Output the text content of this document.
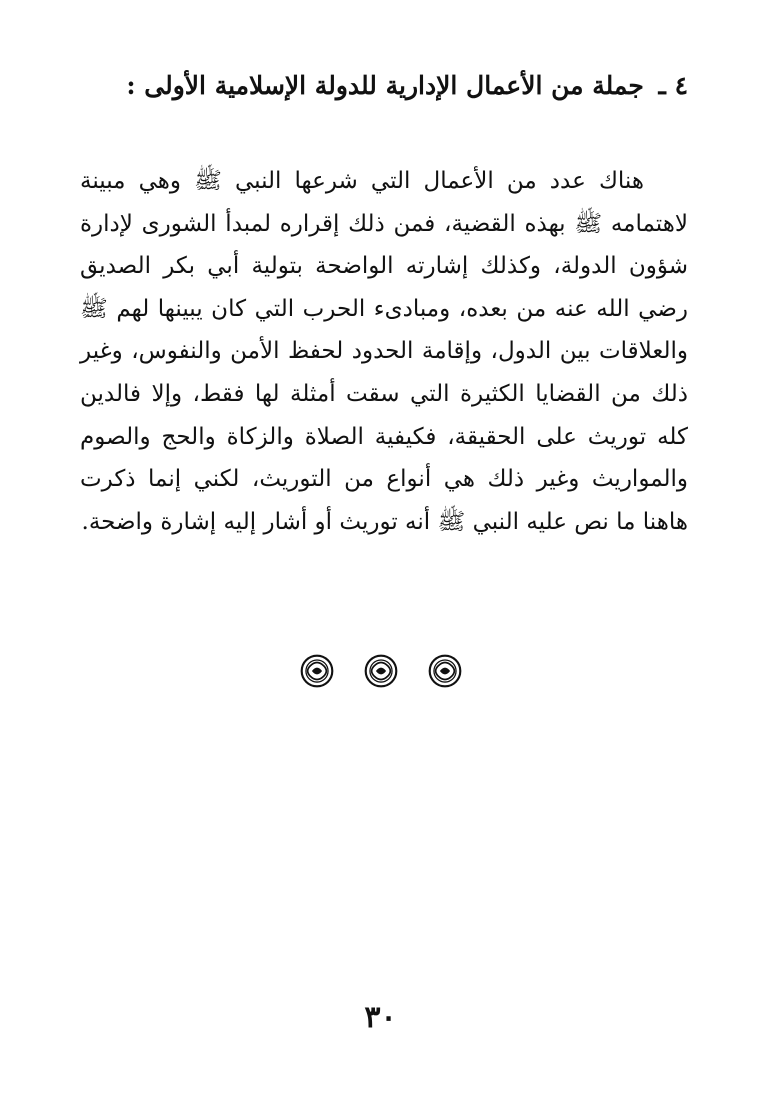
٤ ـ جملة من الأعمال الإدارية للدولة الإسلامية الأولى :

هناك عدد من الأعمال التي شرعها النبي ﷺ وهي مبينة لاهتمامه ﷺ بهذه القضية، فمن ذلك إقراره لمبدأ الشورى لإدارة شؤون الدولة، وكذلك إشارته الواضحة بتولية أبي بكر الصديق رضي الله عنه من بعده، ومبادىء الحرب التي كان يبينها لهم ﷺ والعلاقات بين الدول، وإقامة الحدود لحفظ الأمن والنفوس، وغير ذلك من القضايا الكثيرة التي سقت أمثلة لها فقط، وإلا فالدين كله توريث على الحقيقة، فكيفية الصلاة والزكاة والحج والصوم والمواريث وغير ذلك هي أنواع من التوريث، لكني إنما ذكرت هاهنا ما نص عليه النبي ﷺ أنه توريث أو أشار إليه إشارة واضحة.

٣٠
